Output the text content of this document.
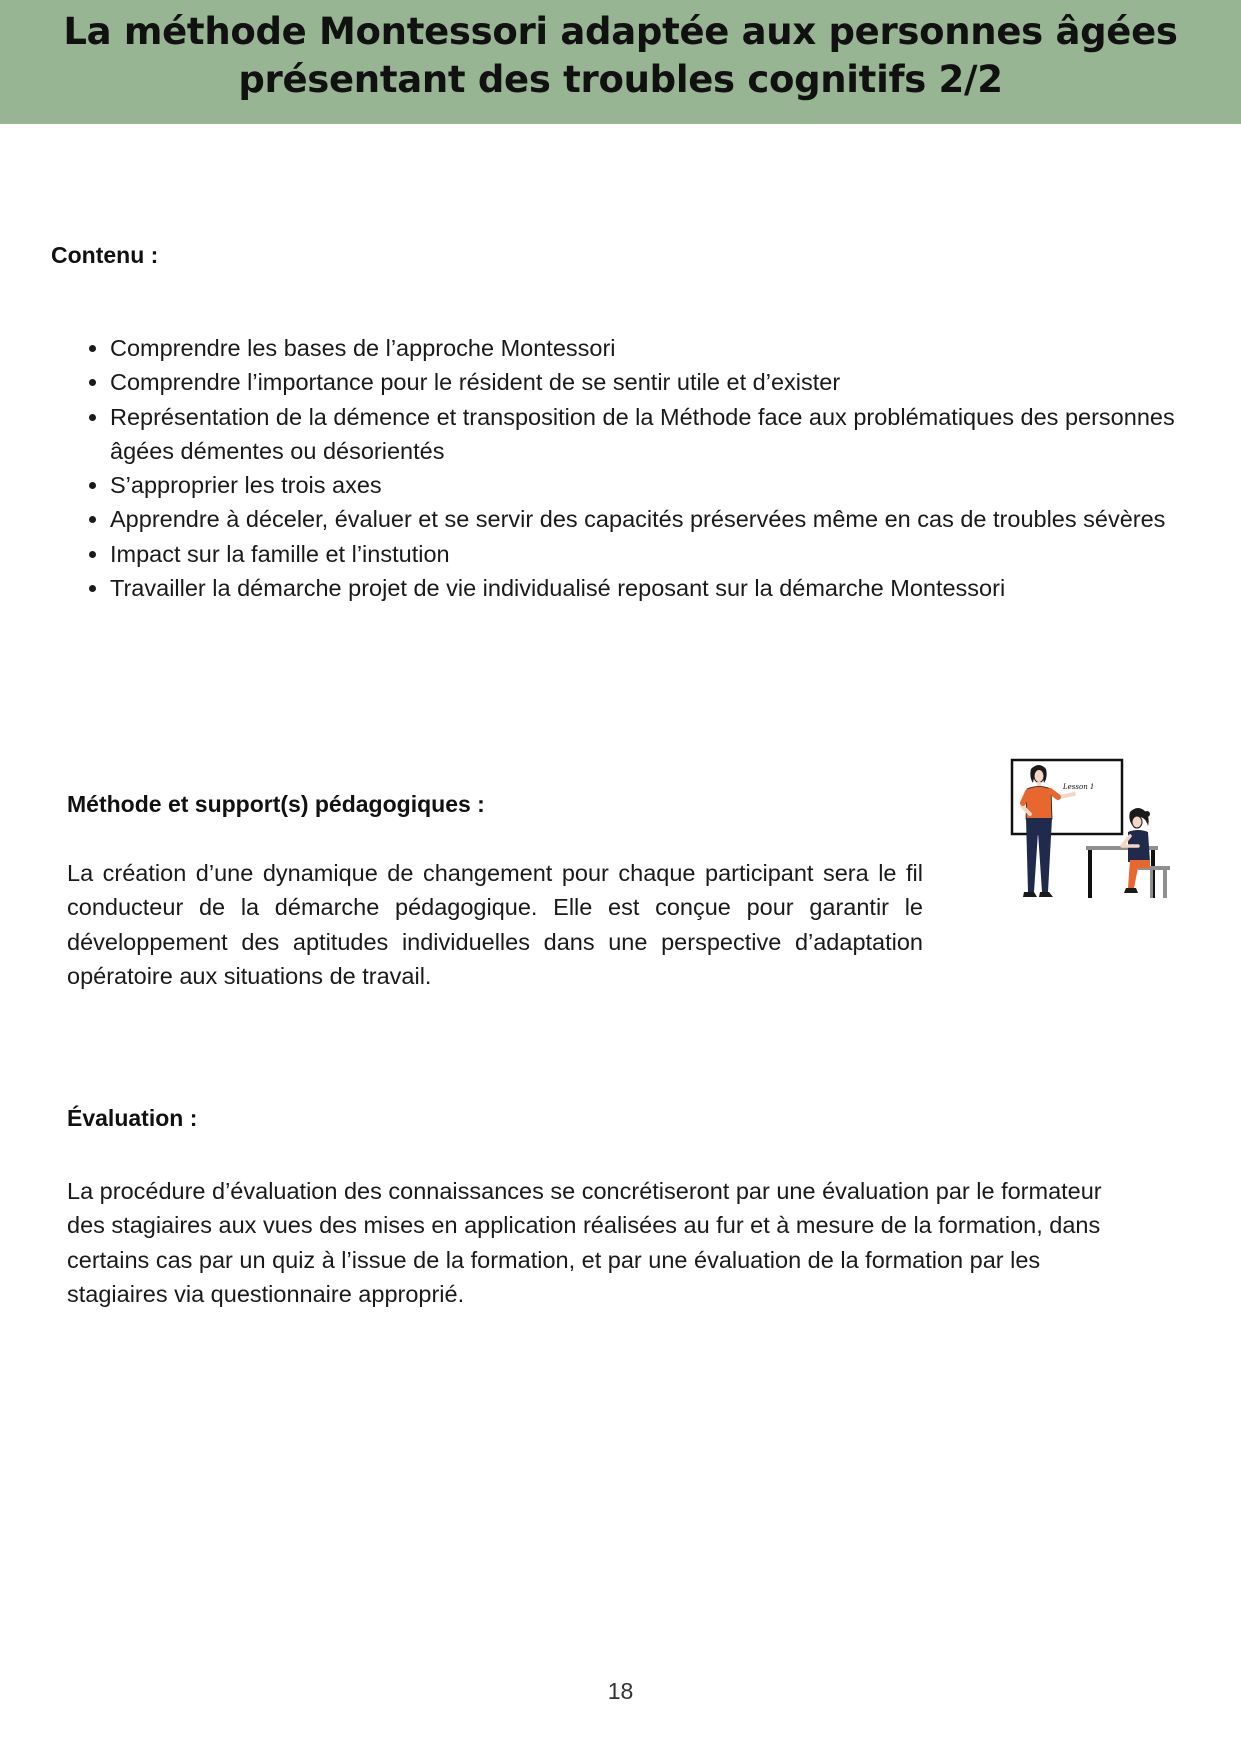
La méthode Montessori adaptée aux personnes âgées
présentant des troubles cognitifs 2/2
Contenu :
• Comprendre les bases de l’approche Montessori
• Comprendre l’importance pour le résident de se sentir utile et d’exister
• Représentation de la démence et transposition de la Méthode face aux problématiques des personnes âgées démentes ou désorientés
• S’approprier les trois axes
• Apprendre à déceler, évaluer et se servir des capacités préservées même en cas de troubles sévères
• Impact sur la famille et l’instution
• Travailler la démarche projet de vie individualisé reposant sur la démarche Montessori
Méthode et support(s) pédagogiques :

La création d’une dynamique de changement pour chaque participant sera le fil conducteur de la démarche pédagogique. Elle est conçue pour garantir le développement des aptitudes individuelles dans une perspective d’adaptation opératoire aux situations de travail.

Lesson 1
Évaluation :

La procédure d’évaluation des connaissances se concrétiseront par une évaluation par le formateur des stagiaires aux vues des mises en application réalisées au fur et à mesure de la formation, dans certains cas par un quiz à l’issue de la formation, et par une évaluation de la formation par les stagiaires via questionnaire approprié.

18
